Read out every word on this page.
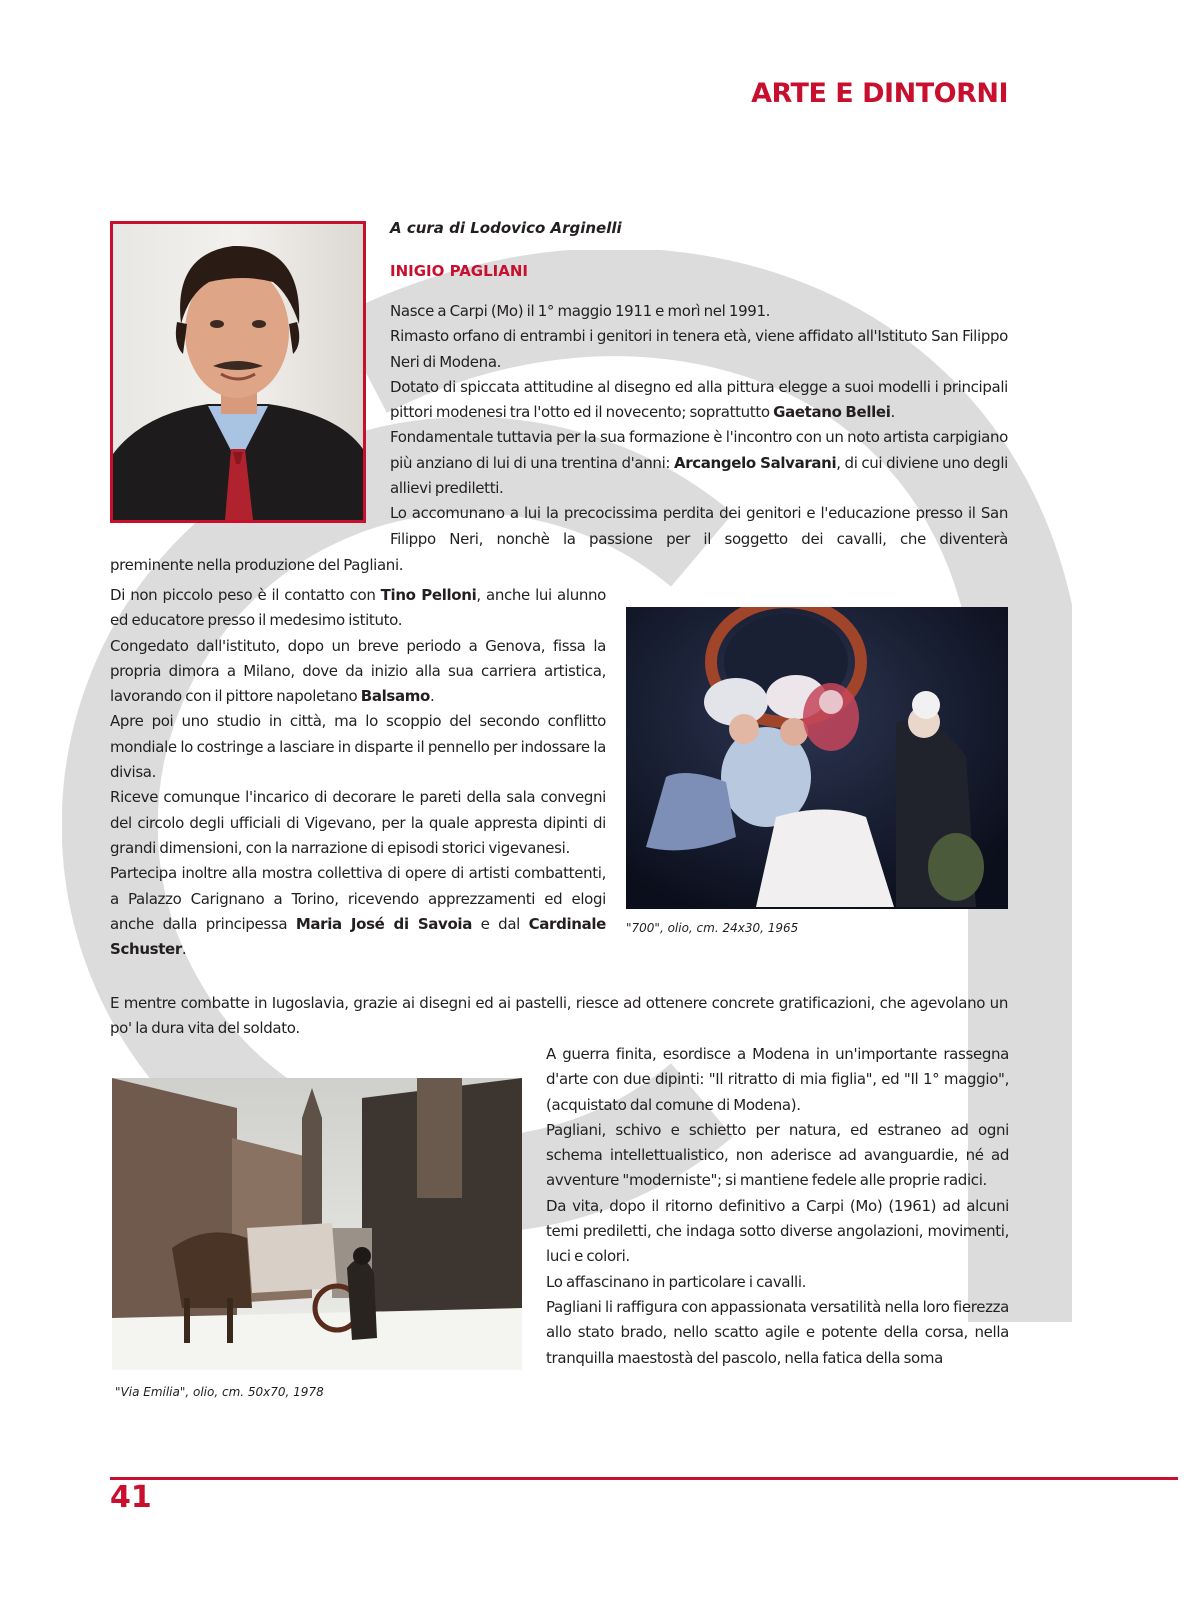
ARTE E DINTORNI
A cura di Lodovico Arginelli
INIGIO PAGLIANI

Nasce a Carpi (Mo) il 1° maggio 1911 e morì nel 1991.

Rimasto orfano di entrambi i genitori in tenera età, viene affidato all'Istituto San Filippo Neri di Modena.

Dotato di spiccata attitudine al disegno ed alla pittura elegge a suoi modelli i principali pittori modenesi tra l'otto ed il novecento; soprattutto Gaetano Bellei.

Fondamentale tuttavia per la sua formazione è l'incontro con un noto artista carpigiano più anziano di lui di una trentina d'anni: Arcangelo Salvarani, di cui diviene uno degli allievi prediletti.

Lo accomunano a lui la precocissima perdita dei genitori e l'educazione presso il San Filippo Neri, nonchè la passione per il soggetto dei cavalli, che diventerà

preminente nella produzione del Pagliani.

Di non piccolo peso è il contatto con Tino Pelloni, anche lui alunno ed educatore presso il medesimo istituto.

Congedato dall'istituto, dopo un breve periodo a Genova, fissa la propria dimora a Milano, dove da inizio alla sua carriera artistica, lavorando con il pittore napoletano Balsamo.

Apre poi uno studio in città, ma lo scoppio del secondo conflitto mondiale lo costringe a lasciare in disparte il pennello per indossare la divisa.

Riceve comunque l'incarico di decorare le pareti della sala convegni del circolo degli ufficiali di Vigevano, per la quale appresta dipinti di grandi dimensioni, con la narrazione di episodi storici vigevanesi.

Partecipa inoltre alla mostra collettiva di opere di artisti combattenti, a Palazzo Carignano a Torino, ricevendo apprezzamenti ed elogi anche dalla principessa Maria José di Savoia e dal Cardinale Schuster.

"700", olio, cm. 24x30, 1965

E mentre combatte in Iugoslavia, grazie ai disegni ed ai pastelli, riesce ad ottenere concrete gratificazioni, che agevolano un po' la dura vita del soldato.

"Via Emilia", olio, cm. 50x70, 1978

A guerra finita, esordisce a Modena in un'importante rassegna d'arte con due dipinti: "Il ritratto di mia figlia", ed "Il 1° maggio", (acquistato dal comune di Modena).

Pagliani, schivo e schietto per natura, ed estraneo ad ogni schema intellettualistico, non aderisce ad avanguardie, né ad avventure "moderniste"; si mantiene fedele alle proprie radici.

Da vita, dopo il ritorno definitivo a Carpi (Mo) (1961) ad alcuni temi prediletti, che indaga sotto diverse angolazioni, movimenti, luci e colori.

Lo affascinano in particolare i cavalli.

Pagliani li raffigura con appassionata versatilità nella loro fierezza allo stato brado, nello scatto agile e potente della corsa, nella tranquilla maestostà del pascolo, nella fatica della soma

41
